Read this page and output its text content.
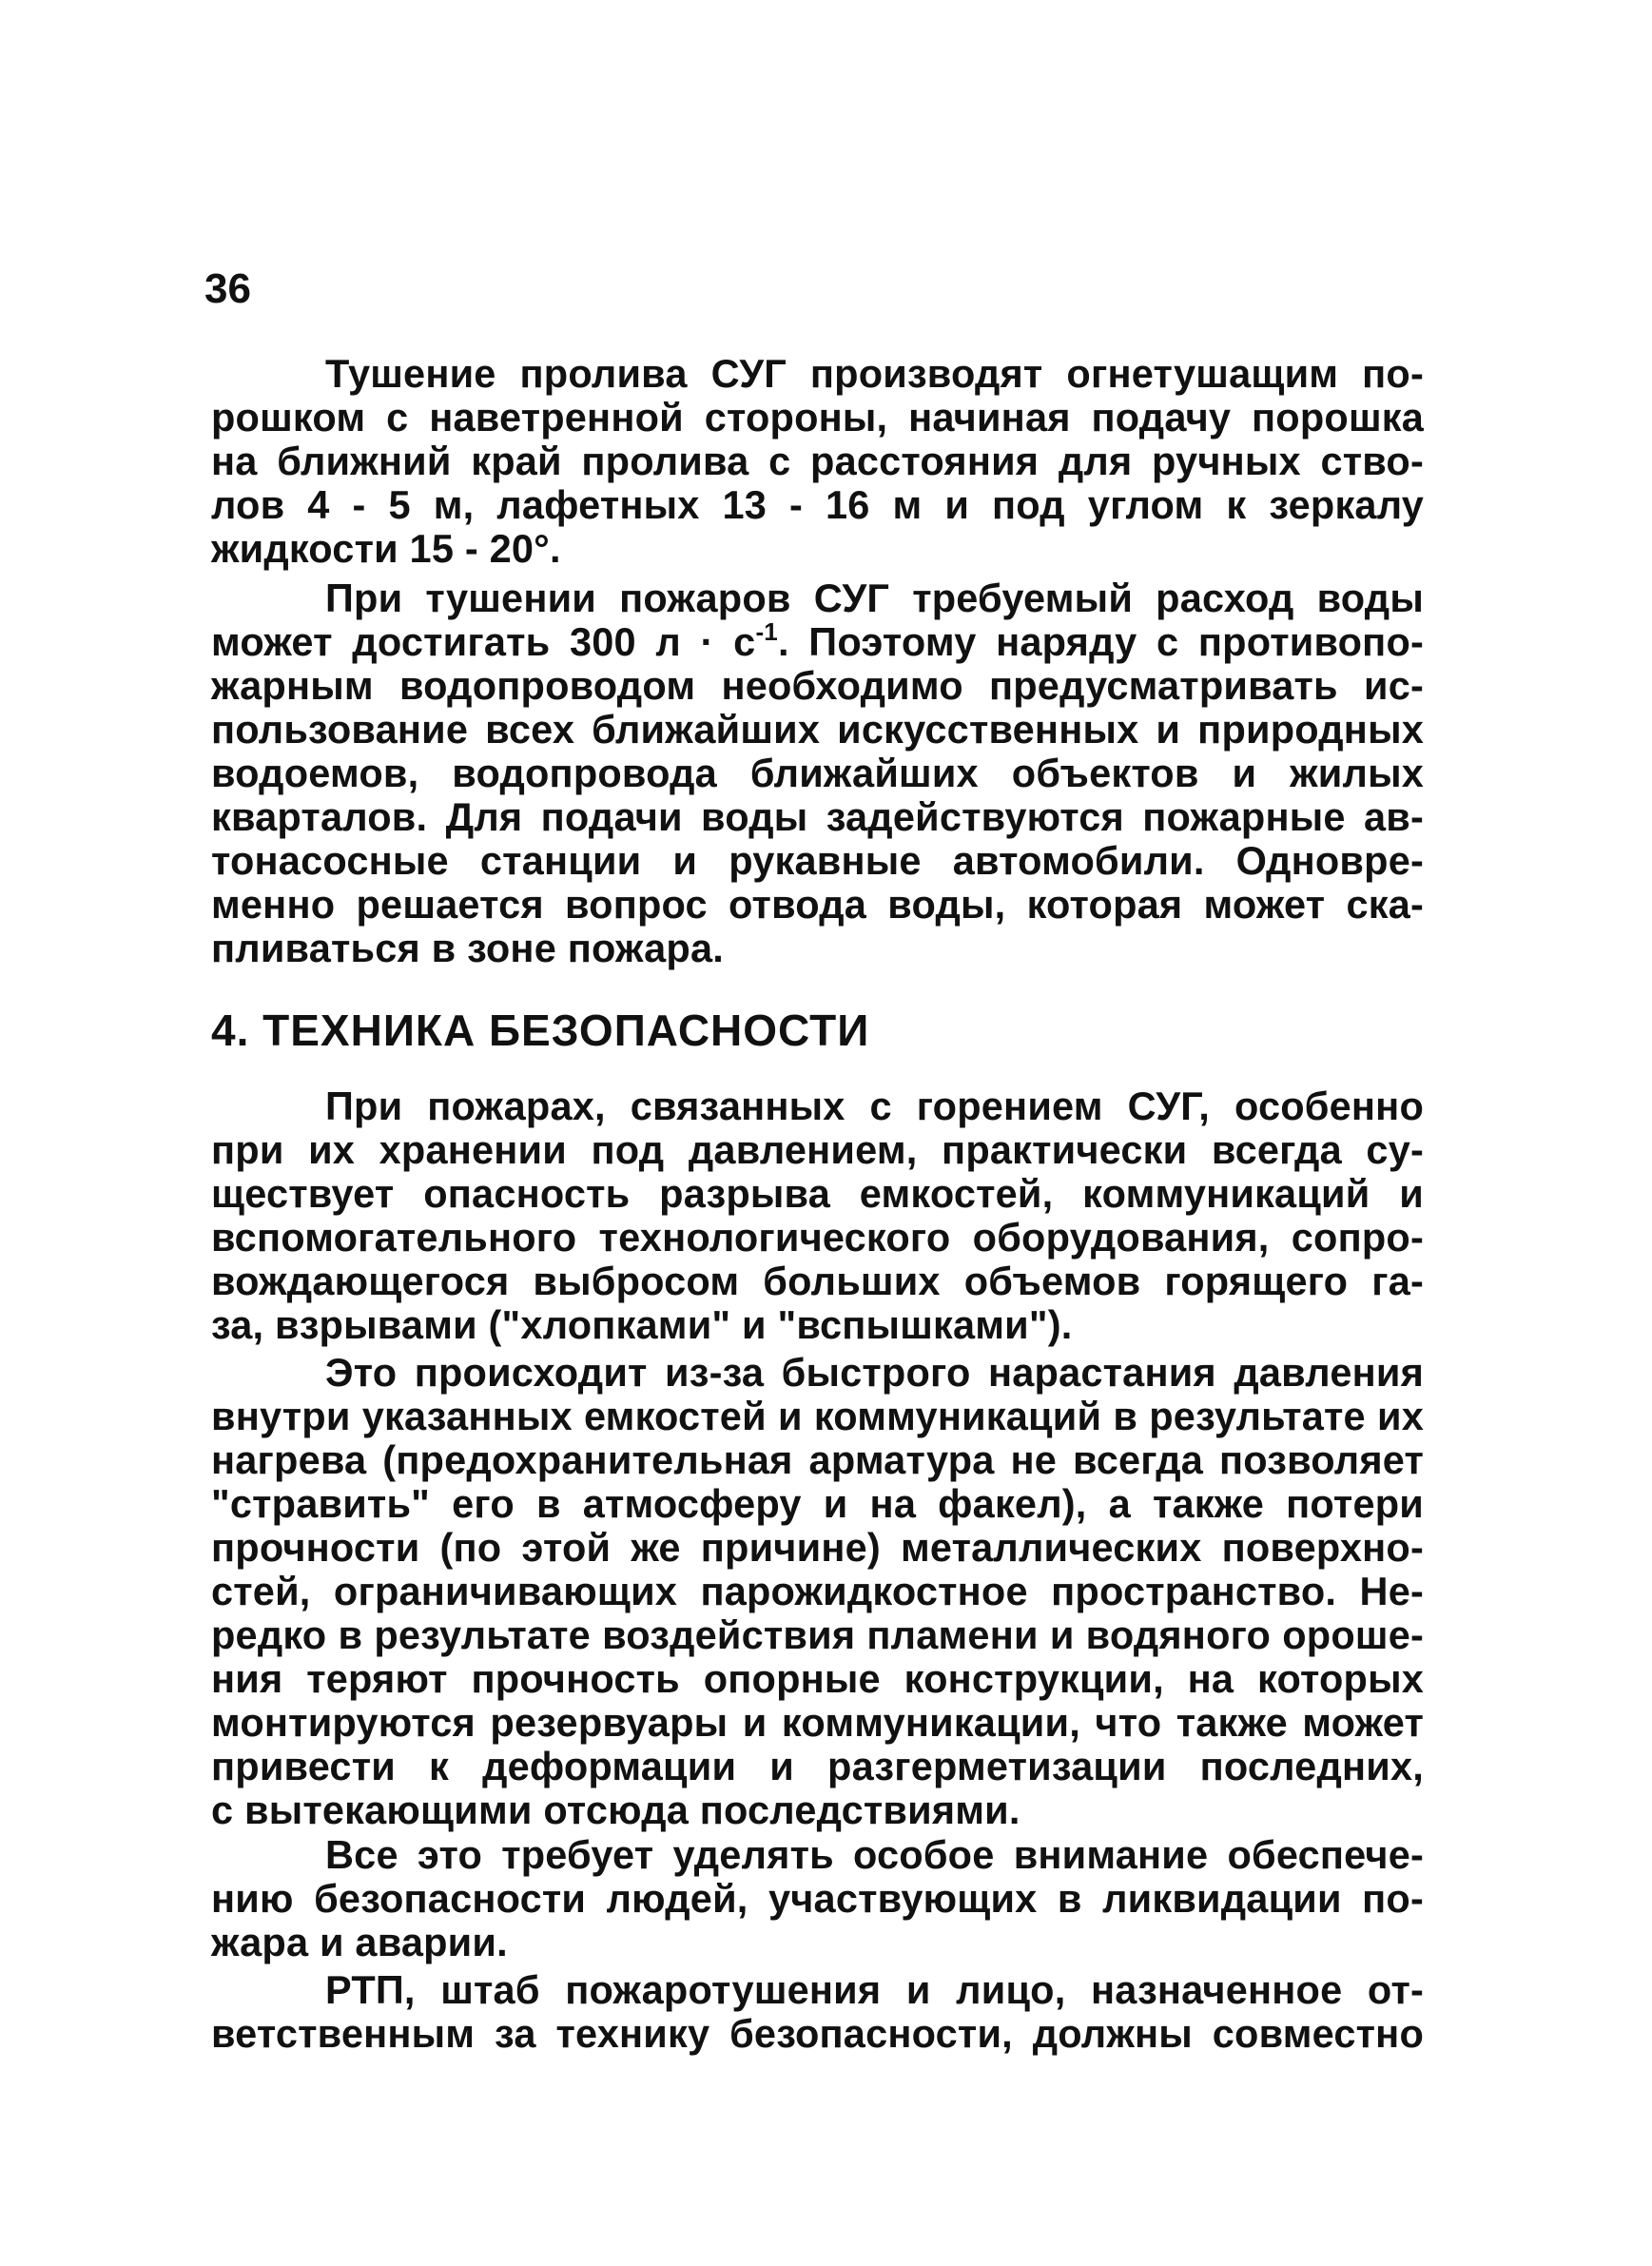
36
Тушение пролива СУГ производят огнетушащим по-
рошком с наветренной стороны, начиная подачу порошка
на ближний край пролива с расстояния для ручных ство-
лов 4 - 5 м, лафетных 13 - 16 м и под углом к зеркалу
жидкости 15 - 20°.
При тушении пожаров СУГ требуемый расход воды
может достигать 300 $л \cdot с^{-1}$. Поэтому наряду с противопо-
жарным водопроводом необходимо предусматривать ис-
пользование всех ближайших искусственных и природных
водоемов, водопровода ближайших объектов и жилых
кварталов. Для подачи воды задействуются пожарные ав-
тонасосные станции и рукавные автомобили. Одновре-
менно решается вопрос отвода воды, которая может ска-
пливаться в зоне пожара.
4. ТЕХНИКА БЕЗОПАСНОСТИ
При пожарах, связанных с горением СУГ, особенно
при их хранении под давлением, практически всегда су-
ществует опасность разрыва емкостей, коммуникаций и
вспомогательного технологического оборудования, сопро-
вождающегося выбросом больших объемов горящего га-
за, взрывами ("хлопками" и "вспышками").
Это происходит из-за быстрого нарастания давления
внутри указанных емкостей и коммуникаций в результате их
нагрева (предохранительная арматура не всегда позволяет
"стравить" его в атмосферу и на факел), а также потери
прочности (по этой же причине) металлических поверхно-
стей, ограничивающих парожидкостное пространство. Не-
редко в результате воздействия пламени и водяного ороше-
ния теряют прочность опорные конструкции, на которых
монтируются резервуары и коммуникации, что также может
привести к деформации и разгерметизации последних,
с вытекающими отсюда последствиями.
Все это требует уделять особое внимание обеспече-
нию безопасности людей, участвующих в ликвидации по-
жара и аварии.
РТП, штаб пожаротушения и лицо, назначенное от-
ветственным за технику безопасности, должны совместно
